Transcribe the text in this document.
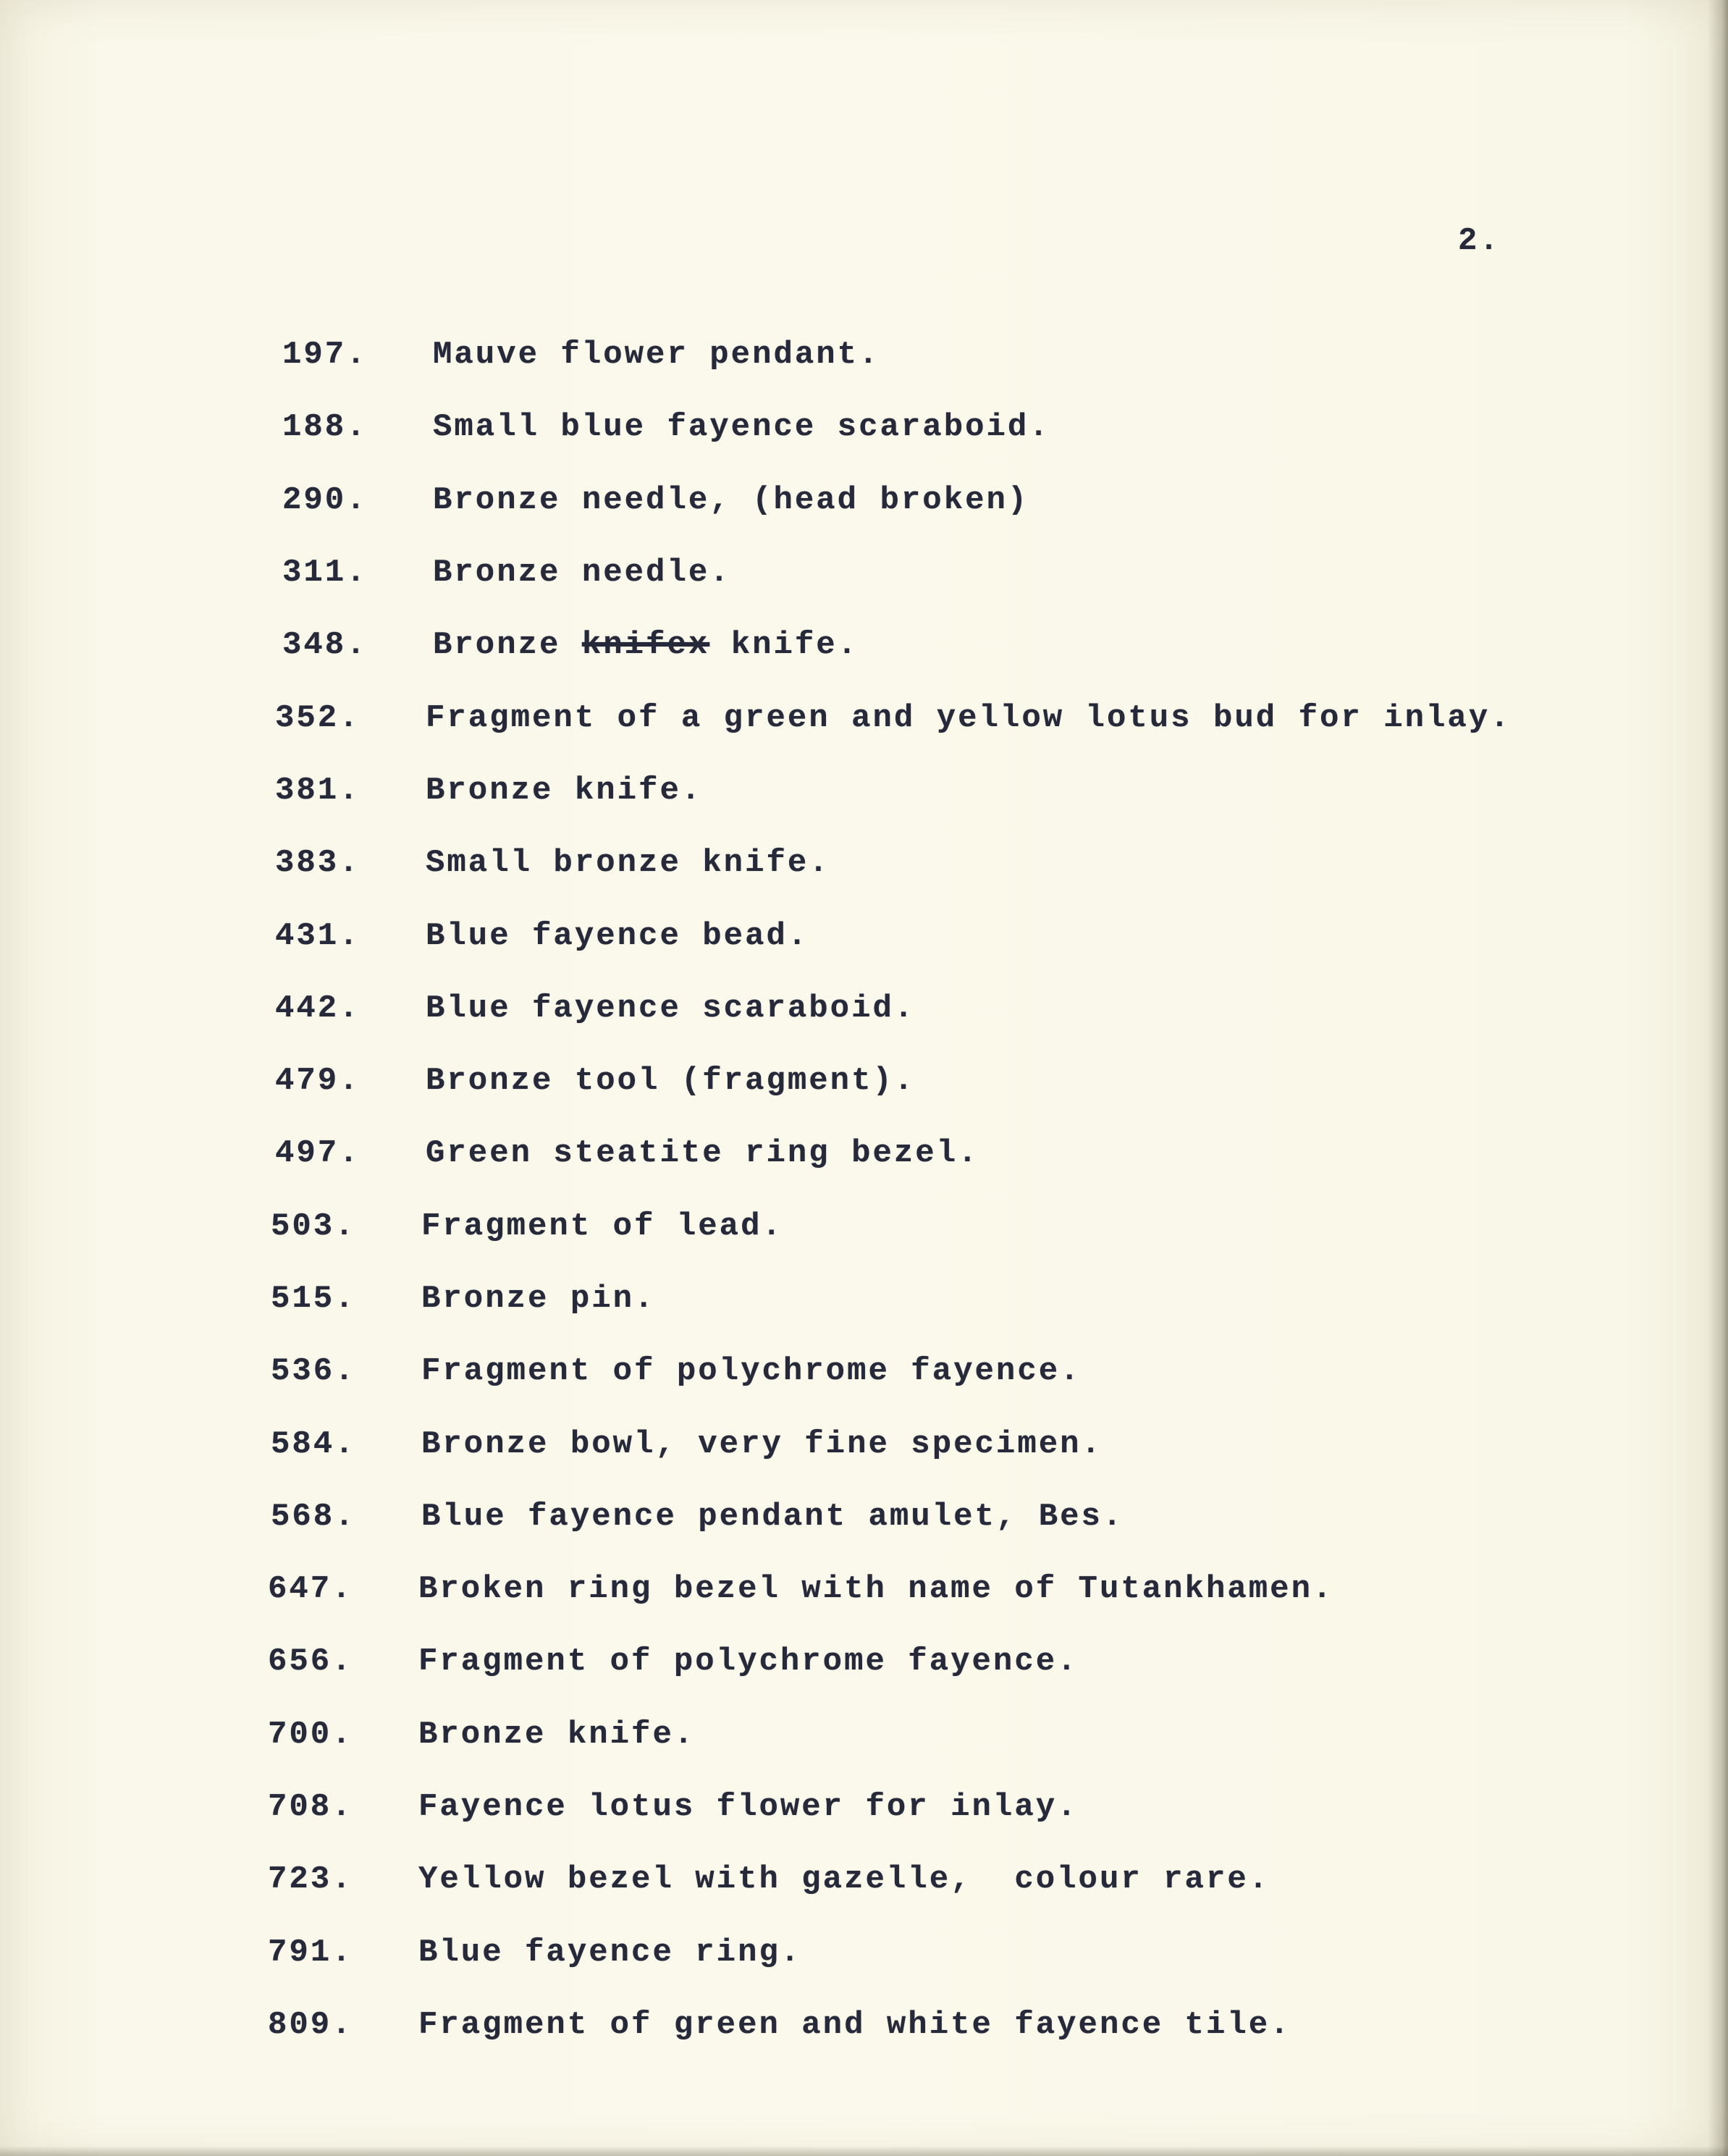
2.
197.	Mauve flower pendant.
188.	Small blue fayence scaraboid.
290.	Bronze needle, (head broken)
311.	Bronze needle.
348.	Bronze knifex knife.
352.	Fragment of a green and yellow lotus bud for inlay.
381.	Bronze knife.
383.	Small bronze knife.
431.	Blue fayence bead.
442.	Blue fayence scaraboid.
479.	Bronze tool (fragment).
497.	Green steatite ring bezel.
503.	Fragment of lead.
515.	Bronze pin.
536.	Fragment of polychrome fayence.
584.	Bronze bowl, very fine specimen.
568.	Blue fayence pendant amulet, Bes.
647.	Broken ring bezel with name of Tutankhamen.
656.	Fragment of polychrome fayence.
700.	Bronze knife.
708.	Fayence lotus flower for inlay.
723.	Yellow bezel with gazelle,  colour rare.
791.	Blue fayence ring.
809.	Fragment of green and white fayence tile.
